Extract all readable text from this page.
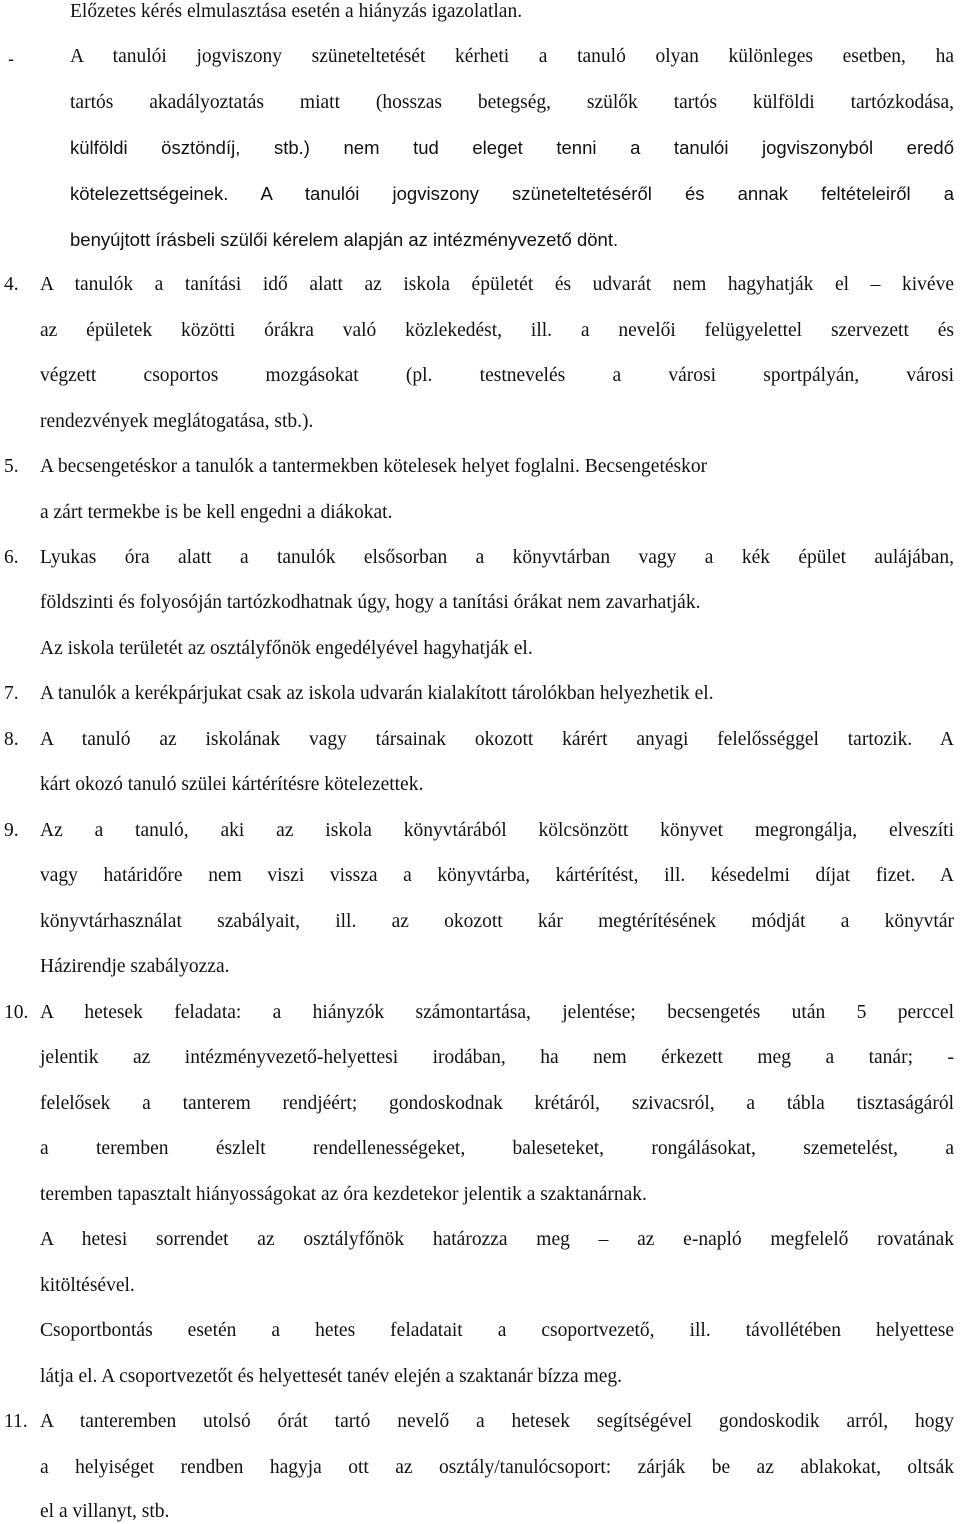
Előzetes kérés elmulasztása esetén a hiányzás igazolatlan.
-	A tanulói jogviszony szüneteltetését kérheti a tanuló olyan különleges esetben, ha
tartós akadályoztatás miatt (hosszas betegség, szülők tartós külföldi tartózkodása,
külföldi ösztöndíj, stb.) nem tud eleget tenni a tanulói jogviszonyból eredő
kötelezettségeinek. A tanulói jogviszony szüneteltetéséről és annak feltételeiről a
benyújtott írásbeli szülői kérelem alapján az intézményvezető dönt.
4. A tanulók a tanítási idő alatt az iskola épületét és udvarát nem hagyhatják el – kivéve
az épületek közötti órákra való közlekedést, ill. a nevelői felügyelettel szervezett és
végzett csoportos mozgásokat (pl. testnevelés a városi sportpályán, városi
rendezvények meglátogatása, stb.).
5. A becsengetéskor a tanulók a tantermekben kötelesek helyet foglalni. Becsengetéskor
a zárt termekbe is be kell engedni a diákokat.
6. Lyukas óra alatt a tanulók elsősorban a könyvtárban vagy a kék épület aulájában,
földszinti és folyosóján tartózkodhatnak úgy, hogy a tanítási órákat nem zavarhatják.
Az iskola területét az osztályfőnök engedélyével hagyhatják el.
7. A tanulók a kerékpárjukat csak az iskola udvarán kialakított tárolókban helyezhetik el.
8. A tanuló az iskolának vagy társainak okozott kárért anyagi felelősséggel tartozik. A
kárt okozó tanuló szülei kártérítésre kötelezettek.
9. Az a tanuló, aki az iskola könyvtárából kölcsönzött könyvet megrongálja, elveszíti
vagy határidőre nem viszi vissza a könyvtárba, kártérítést, ill. késedelmi díjat fizet. A
könyvtárhasználat szabályait, ill. az okozott kár megtérítésének módját a könyvtár
Házirendje szabályozza.
10. A hetesek feladata: a hiányzók számontartása, jelentése; becsengetés után 5 perccel
jelentik az intézményvezető-helyettesi irodában, ha nem érkezett meg a tanár; -
felelősek a tanterem rendjéért; gondoskodnak krétáról, szivacsról, a tábla tisztaságáról
a teremben észlelt rendellenességeket, baleseteket, rongálásokat, szemetelést, a
teremben tapasztalt hiányosságokat az óra kezdetekor jelentik a szaktanárnak.
A hetesi sorrendet az osztályfőnök határozza meg – az e-napló megfelelő rovatának
kitöltésével.
Csoportbontás esetén a hetes feladatait a csoportvezető, ill. távollétében helyettese
látja el. A csoportvezetőt és helyettesét tanév elején a szaktanár bízza meg.
11. A tanteremben utolsó órát tartó nevelő a hetesek segítségével gondoskodik arról, hogy
a helyiséget rendben hagyja ott az osztály/tanulócsoport: zárják be az ablakokat, oltsák
el a villanyt, stb.
